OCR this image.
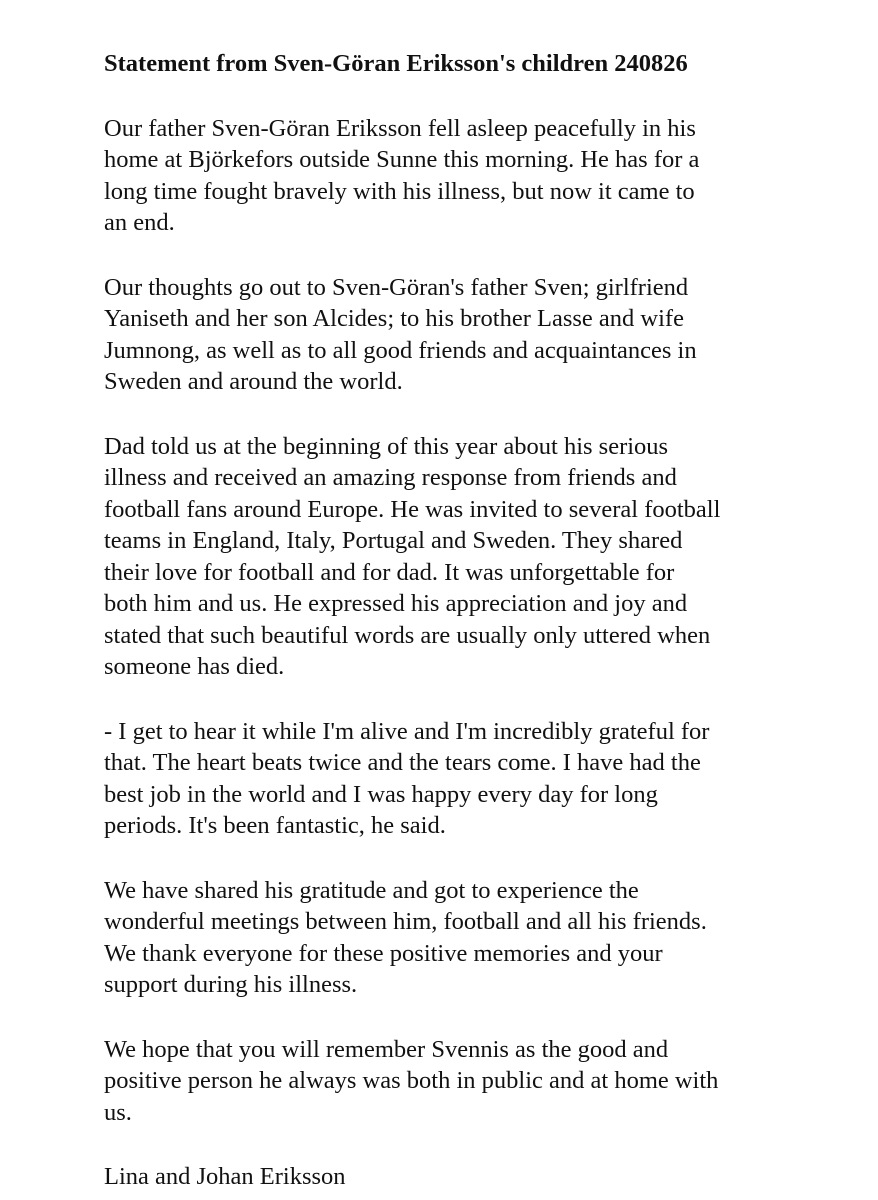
Statement from Sven-Göran Eriksson's children 240826

Our father Sven-Göran Eriksson fell asleep peacefully in his
home at Björkefors outside Sunne this morning. He has for a
long time fought bravely with his illness, but now it came to
an end.

Our thoughts go out to Sven-Göran's father Sven; girlfriend
Yaniseth and her son Alcides; to his brother Lasse and wife
Jumnong, as well as to all good friends and acquaintances in
Sweden and around the world.

Dad told us at the beginning of this year about his serious
illness and received an amazing response from friends and
football fans around Europe. He was invited to several football
teams in England, Italy, Portugal and Sweden. They shared
their love for football and for dad. It was unforgettable for
both him and us. He expressed his appreciation and joy and
stated that such beautiful words are usually only uttered when
someone has died.

- I get to hear it while I'm alive and I'm incredibly grateful for
that. The heart beats twice and the tears come. I have had the
best job in the world and I was happy every day for long
periods. It's been fantastic, he said.

We have shared his gratitude and got to experience the
wonderful meetings between him, football and all his friends.
We thank everyone for these positive memories and your
support during his illness.

We hope that you will remember Svennis as the good and
positive person he always was both in public and at home with
us.

Lina and Johan Eriksson
